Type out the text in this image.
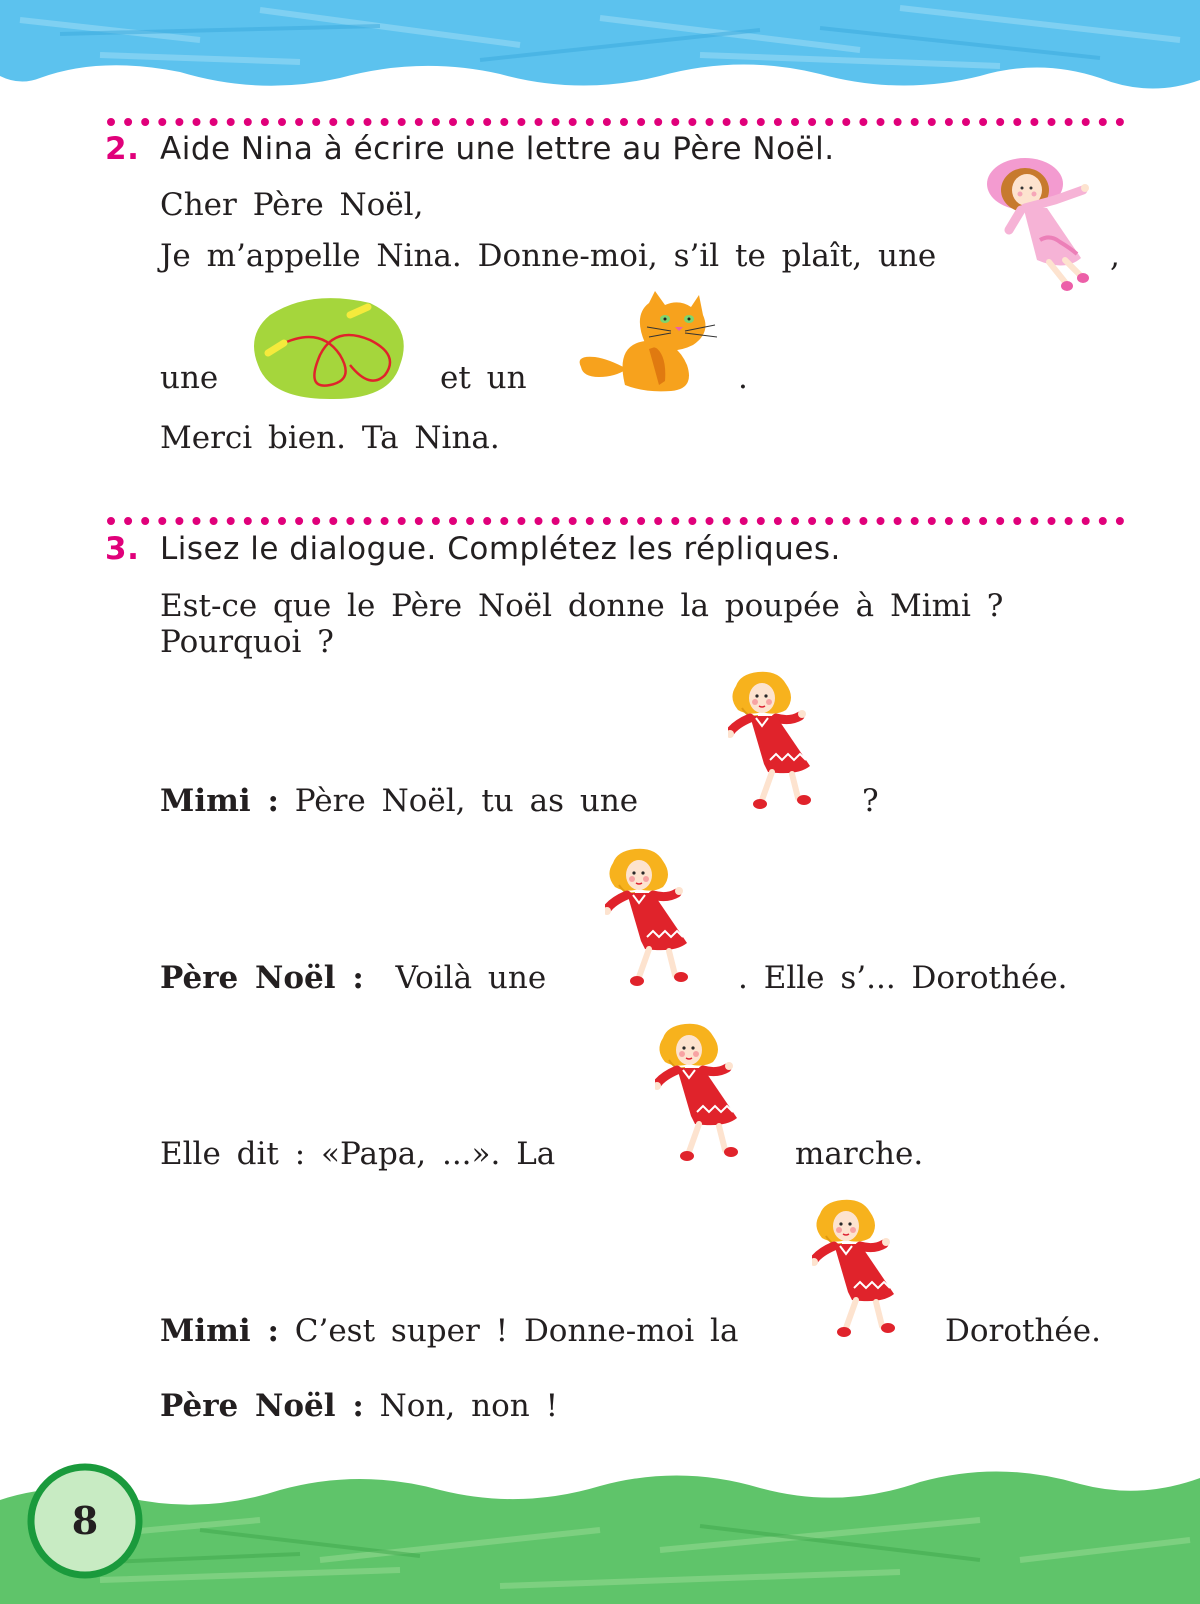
2. Aide Nina à écrire une lettre au Père Noël.
Cher Père Noël,
Je m’appelle Nina. Donne-moi, s’il te plaît, une	,
une	et un	.
Merci bien. Ta Nina.
3. Lisez le dialogue. Complétez les répliques.
Est-ce que le Père Noël donne la poupée à Mimi ?
Pourquoi ?
Mimi : Père Noël, tu as une	?
Père Noël : Voilà une	. Elle s’... Dorothée.
Elle dit : «Papa, ...». La	marche.
Mimi : C’est super ! Donne-moi la	Dorothée.
Père Noël : Non, non !
8
